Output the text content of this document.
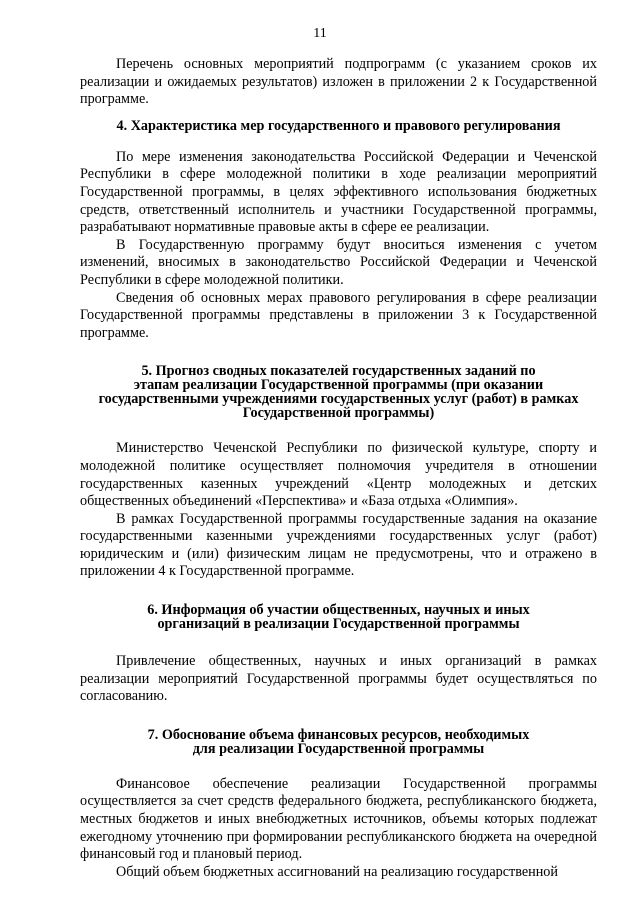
11

Перечень основных мероприятий подпрограмм (с указанием сроков их реализации и ожидаемых результатов) изложен в приложении 2 к Государственной программе.

4. Характеристика мер государственного и правового регулирования

По мере изменения законодательства Российской Федерации и Чеченской Республики в сфере молодежной политики в ходе реализации мероприятий Государственной программы, в целях эффективного использования бюджетных средств, ответственный исполнитель и участники Государственной программы, разрабатывают нормативные правовые акты в сфере ее реализации.

В Государственную программу будут вноситься изменения с учетом изменений, вносимых в законодательство Российской Федерации и Чеченской Республики в сфере молодежной политики.

Сведения об основных мерах правового регулирования в сфере реализации Государственной программы представлены в приложении 3 к Государственной программе.

5. Прогноз сводных показателей государственных заданий по
этапам реализации Государственной программы (при оказании
государственными учреждениями государственных услуг (работ) в рамках
Государственной программы)

Министерство Чеченской Республики по физической культуре, спорту и молодежной политике осуществляет полномочия учредителя в отношении государственных казенных учреждений «Центр молодежных и детских общественных объединений «Перспектива» и «База отдыха «Олимпия».

В рамках Государственной программы государственные задания на оказание государственными казенными учреждениями государственных услуг (работ) юридическим и (или) физическим лицам не предусмотрены, что и отражено в приложении 4 к Государственной программе.

6. Информация об участии общественных, научных и иных
организаций в реализации Государственной программы

Привлечение общественных, научных и иных организаций в рамках реализации мероприятий Государственной программы будет осуществляться по согласованию.

7. Обоснование объема финансовых ресурсов, необходимых
для реализации Государственной программы

Финансовое обеспечение реализации Государственной программы осуществляется за счет средств федерального бюджета, республиканского бюджета, местных бюджетов и иных внебюджетных источников, объемы которых подлежат ежегодному уточнению при формировании республиканского бюджета на очередной финансовый год и плановый период.

Общий объем бюджетных ассигнований на реализацию государственной
